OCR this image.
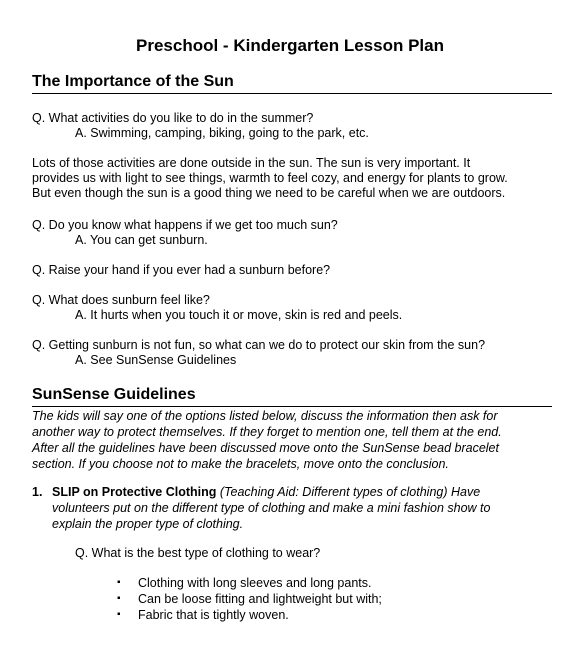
Preschool - Kindergarten Lesson Plan
The Importance of the Sun

Q. What activities do you like to do in the summer?

A. Swimming, camping, biking, going to the park, etc.

Lots of those activities are done outside in the sun. The sun is very important. It

provides us with light to see things, warmth to feel cozy, and energy for plants to grow.

But even though the sun is a good thing we need to be careful when we are outdoors.

Q. Do you know what happens if we get too much sun?

A. You can get sunburn.

Q. Raise your hand if you ever had a sunburn before?

Q. What does sunburn feel like?

A. It hurts when you touch it or move, skin is red and peels.

Q. Getting sunburn is not fun, so what can we do to protect our skin from the sun?

A. See SunSense Guidelines

SunSense Guidelines

The kids will say one of the options listed below, discuss the information then ask for

another way to protect themselves. If they forget to mention one, tell them at the end.

After all the guidelines have been discussed move onto the SunSense bead bracelet

section. If you choose not to make the bracelets, move onto the conclusion.

1. SLIP on Protective Clothing (Teaching Aid: Different types of clothing) Have

volunteers put on the different type of clothing and make a mini fashion show to

explain the proper type of clothing.

Q. What is the best type of clothing to wear?

▪ Clothing with long sleeves and long pants.

▪ Can be loose fitting and lightweight but with;

▪ Fabric that is tightly woven.
